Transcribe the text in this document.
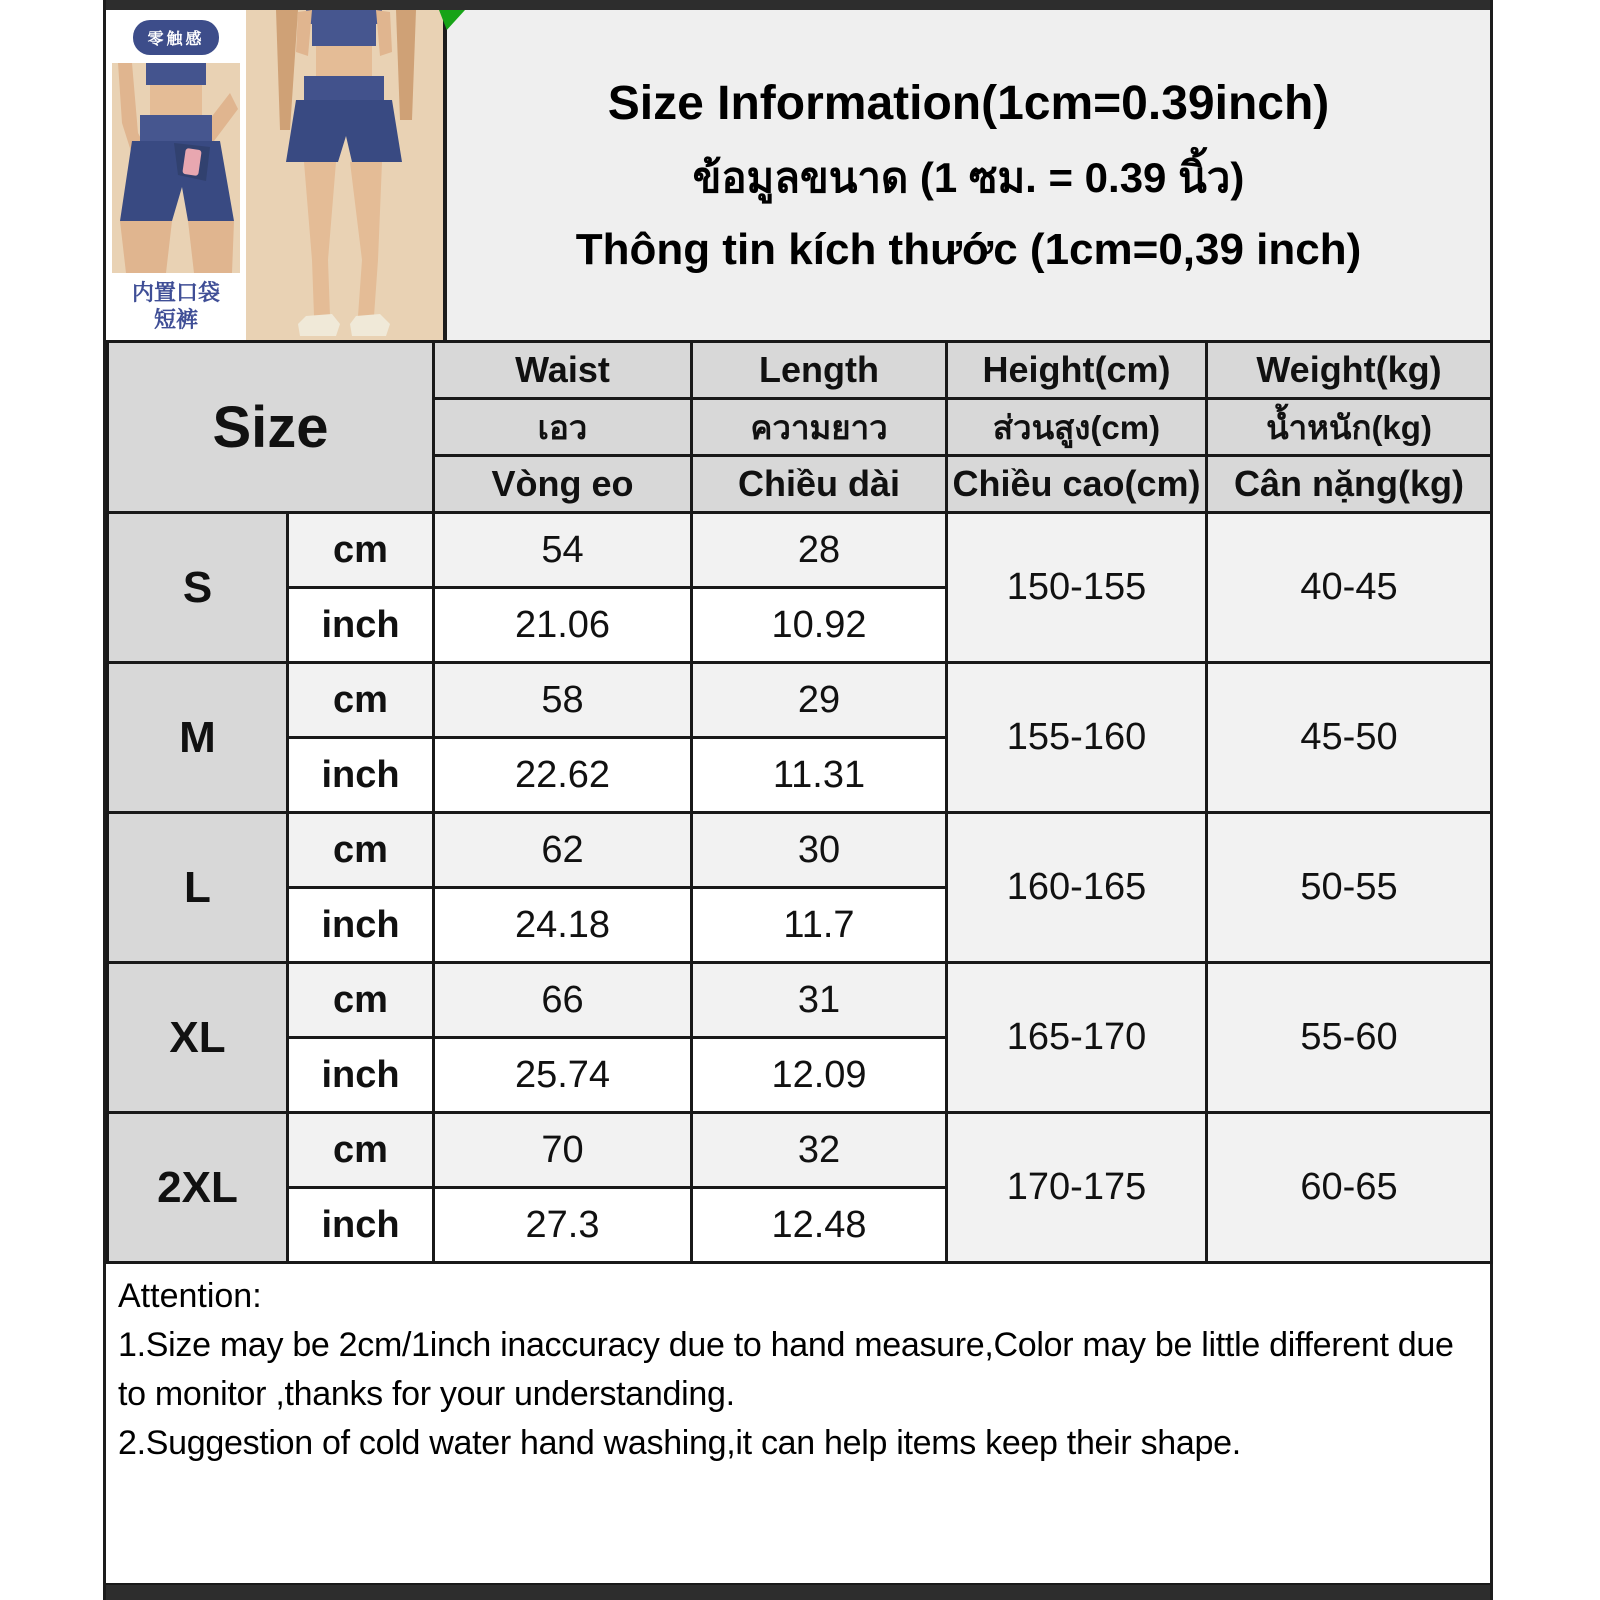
零触感
内置口袋
短裤
Size Information(1cm=0.39inch)
ข้อมูลขนาด (1 ซม. = 0.39 นิ้ว)
Thông tin kích thước (1cm=0,39 inch)
Size		Waist	Length	Height(cm)	Weight(kg)
		เอว	ความยาว	ส่วนสูง(cm)	น้ำหนัก(kg)
		Vòng eo	Chiều dài	Chiều cao(cm)	Cân nặng(kg)
S	cm	54	28	150-155	40-45
	inch	21.06	10.92		
M	cm	58	29	155-160	45-50
	inch	22.62	11.31		
L	cm	62	30	160-165	50-55
	inch	24.18	11.7		
XL	cm	66	31	165-170	55-60
	inch	25.74	12.09		
2XL	cm	70	32	170-175	60-65
	inch	27.3	12.48		
Attention:
1.Size may be 2cm/1inch inaccuracy due to hand measure,Color may be little different due to monitor ,thanks for your understanding.
2.Suggestion of cold water hand washing,it can help items keep their shape.
